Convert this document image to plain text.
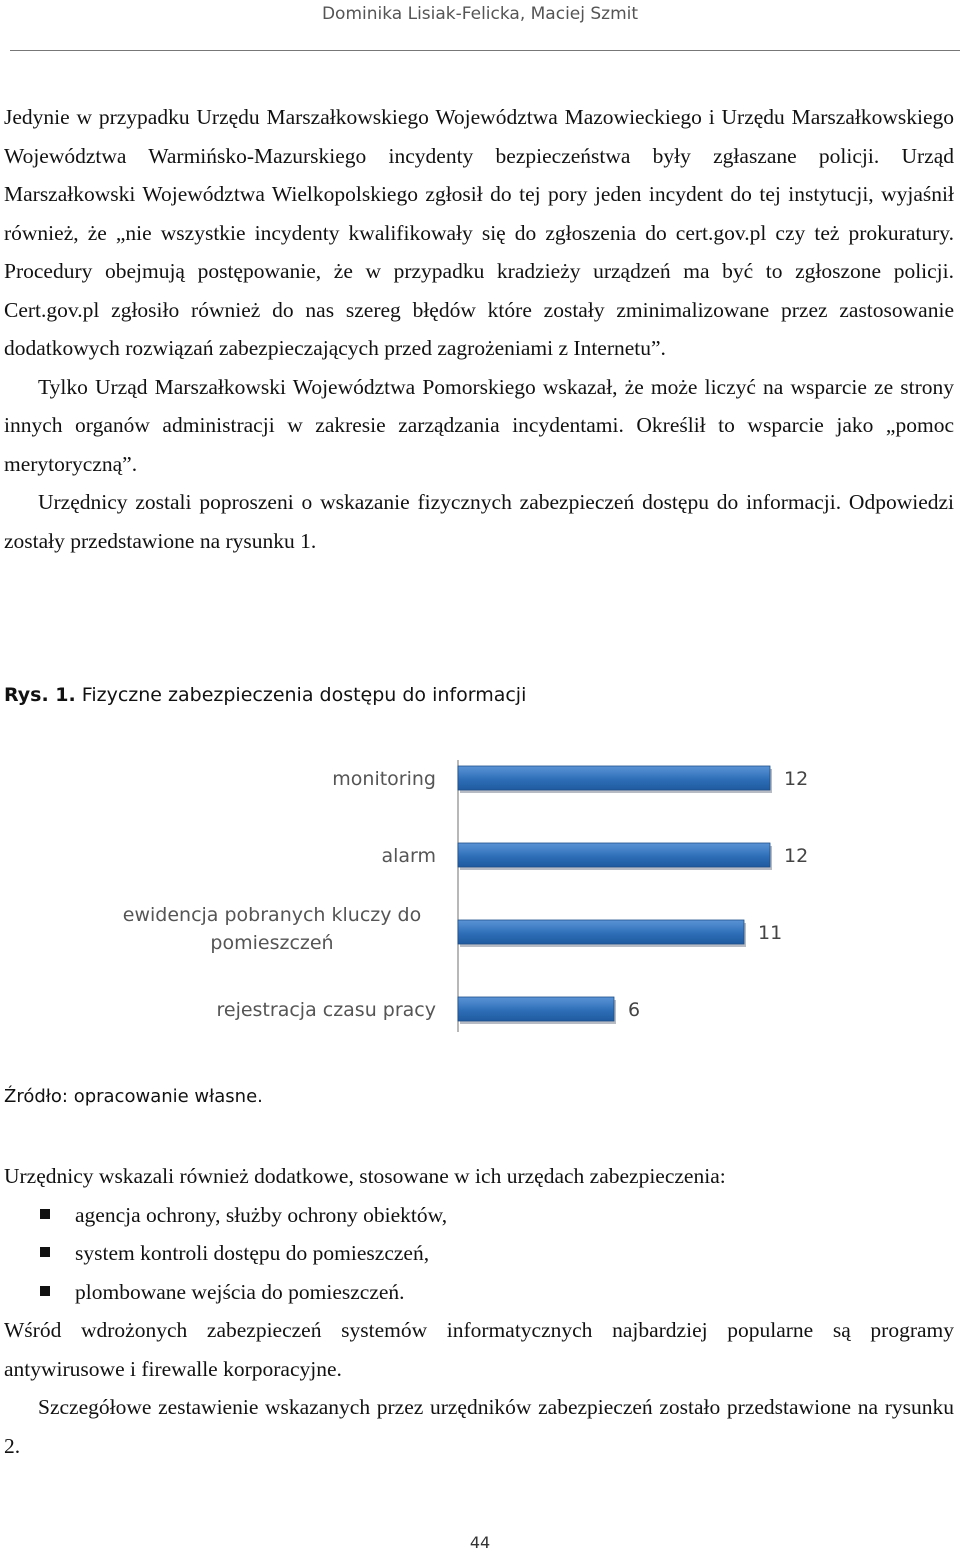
Dominika Lisiak-Felicka, Maciej Szmit

Jedynie w przypadku Urzędu Marszałkowskiego Województwa Mazowieckiego i Urzędu Marszałkowskiego Województwa Warmińsko-Mazurskiego incydenty bezpieczeństwa były zgłaszane policji. Urząd Marszałkowski Województwa Wielkopolskiego zgłosił do tej pory jeden incydent do tej instytucji, wyjaśnił również, że „nie wszystkie incydenty kwalifikowały się do zgłoszenia do cert.gov.pl czy też prokuratury. Procedury obejmują postępowanie, że w przypadku kradzieży urządzeń ma być to zgłoszone policji. Cert.gov.pl zgłosiło również do nas szereg błędów które zostały zminimalizowane przez zastosowanie dodatkowych rozwiązań zabezpieczających przed zagrożeniami z Internetu”.

Tylko Urząd Marszałkowski Województwa Pomorskiego wskazał, że może liczyć na wsparcie ze strony innych organów administracji w zakresie zarządzania incydentami. Określił to wsparcie jako „pomoc merytoryczną”.

Urzędnicy zostali poproszeni o wskazanie fizycznych zabezpieczeń dostępu do informacji. Odpowiedzi zostały przedstawione na rysunku 1.

Rys. 1. Fizyczne zabezpieczenia dostępu do informacji
12
monitoring
12
alarm
11
ewidencja pobranych kluczy do
pomieszczeń
6
rejestracja czasu pracy
Źródło: opracowanie własne.

Urzędnicy wskazali również dodatkowe, stosowane w ich urzędach zabezpieczenia:

agencja ochrony, służby ochrony obiektów,
system kontroli dostępu do pomieszczeń,
plombowane wejścia do pomieszczeń.

Wśród wdrożonych zabezpieczeń systemów informatycznych najbardziej popularne są programy antywirusowe i firewalle korporacyjne.

Szczegółowe zestawienie wskazanych przez urzędników zabezpieczeń zostało przedstawione na rysunku 2.

44
